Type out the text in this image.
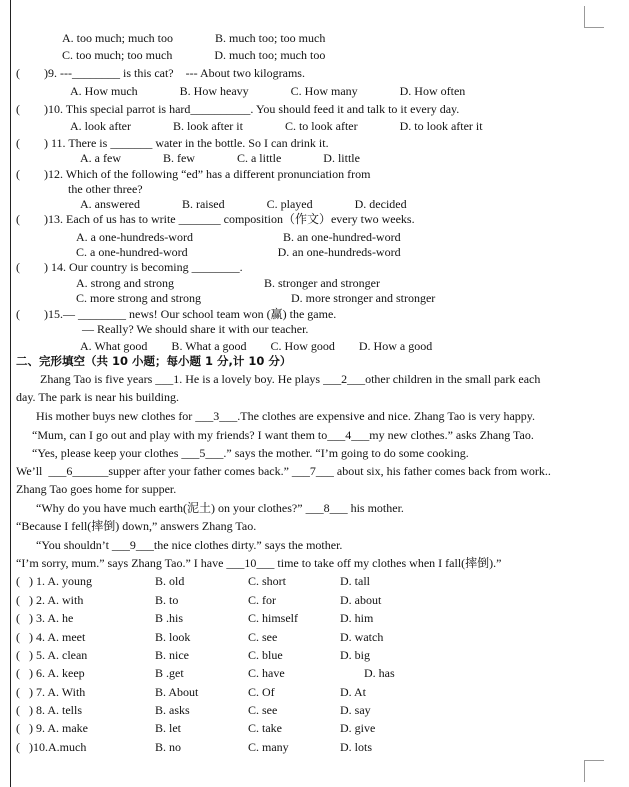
A. too much; much too              B. much too; too much
C. too much; too much              D. much too; much too
(        )9. ---________ is this cat?    --- About two kilograms.
A. How much              B. How heavy              C. How many              D. How often
(        )10. This special parrot is hard__________. You should feed it and talk to it every day.
A. look after              B. look after it              C. to look after              D. to look after it
(        ) 11. There is _______ water in the bottle. So I can drink it.
A. a few              B. few              C. a little              D. little
(        )12. Which of the following “ed” has a different pronunciation from
the other three?
A. answered              B. raised              C. played              D. decided
(        )13. Each of us has to write _______ composition（作文）every two weeks.
A. a one-hundreds-word                              B. an one-hundred-word
C. a one-hundred-word                              D. an one-hundreds-word
(        ) 14. Our country is becoming ________.
A. strong and strong                              B. stronger and stronger
C. more strong and strong                              D. more stronger and stronger
(        )15.— ________ news! Our school team won (赢) the game.
— Really? We should share it with our teacher.
A. What good        B. What a good        C. How good        D. How a good
二、完形填空（共 10 小题；每小题 1 分,计 10 分）
Zhang Tao is five years ___1. He is a lovely boy. He plays ___2___other children in the small park each
day. The park is near his building.
His mother buys new clothes for ___3___.The clothes are expensive and nice. Zhang Tao is very happy.
“Mum, can I go out and play with my friends? I want them to___4___my new clothes.” asks Zhang Tao.
“Yes, please keep your clothes ___5___.” says the mother. “I’m going to do some cooking.
We’ll  ___6______supper after your father comes back.” ___7___ about six, his father comes back from work..
Zhang Tao goes home for supper.
“Why do you have much earth(泥土) on your clothes?” ___8___ his mother.
“Because I fell(摔倒) down,” answers Zhang Tao.
“You shouldn’t ___9___the nice clothes dirty.” says the mother.
“I’m sorry, mum.” says Zhang Tao.” I have ___10___ time to take off my clothes when I fall(摔倒).”
(   ) 1. A. young	B. old	C. short	D. tall
(   ) 2. A. with	B. to	C. for	D. about
(   ) 3. A. he	B .his	C. himself	D. him
(   ) 4. A. meet	B. look	C. see	D. watch
(   ) 5. A. clean	B. nice	C. blue	D. big
(   ) 6. A. keep	B .get	C. have	D. has
(   ) 7. A. With	B. About	C. Of	D. At
(   ) 8. A. tells	B. asks	C. see	D. say
(   ) 9. A. make	B. let	C. take	D. give
(   )10.A.much	B. no	C. many	D. lots
